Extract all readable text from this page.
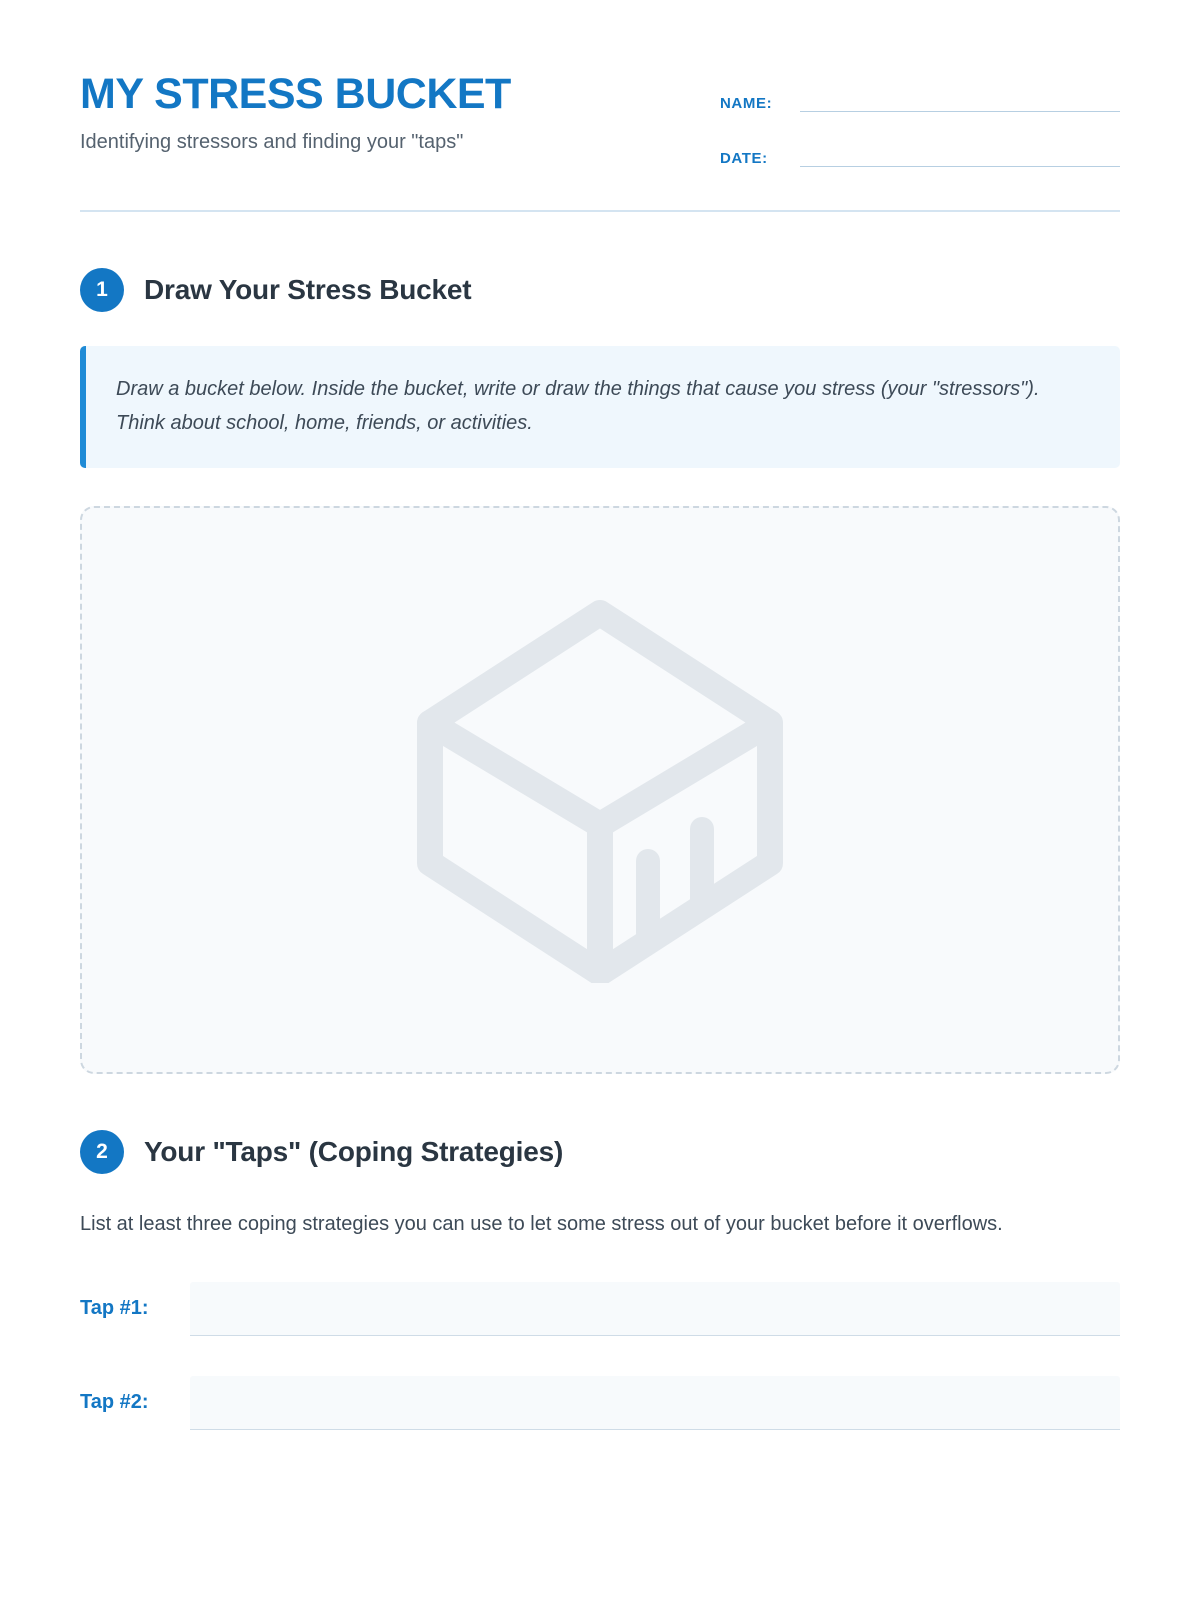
MY STRESS BUCKET
Identifying stressors and finding your "taps"
NAME:
DATE:
1	Draw Your Stress Bucket
Draw a bucket below. Inside the bucket, write or draw the things that cause you stress (your "stressors"). Think about school, home, friends, or activities.
2	Your "Taps" (Coping Strategies)
List at least three coping strategies you can use to let some stress out of your bucket before it overflows.
Tap #1:
Tap #2:
